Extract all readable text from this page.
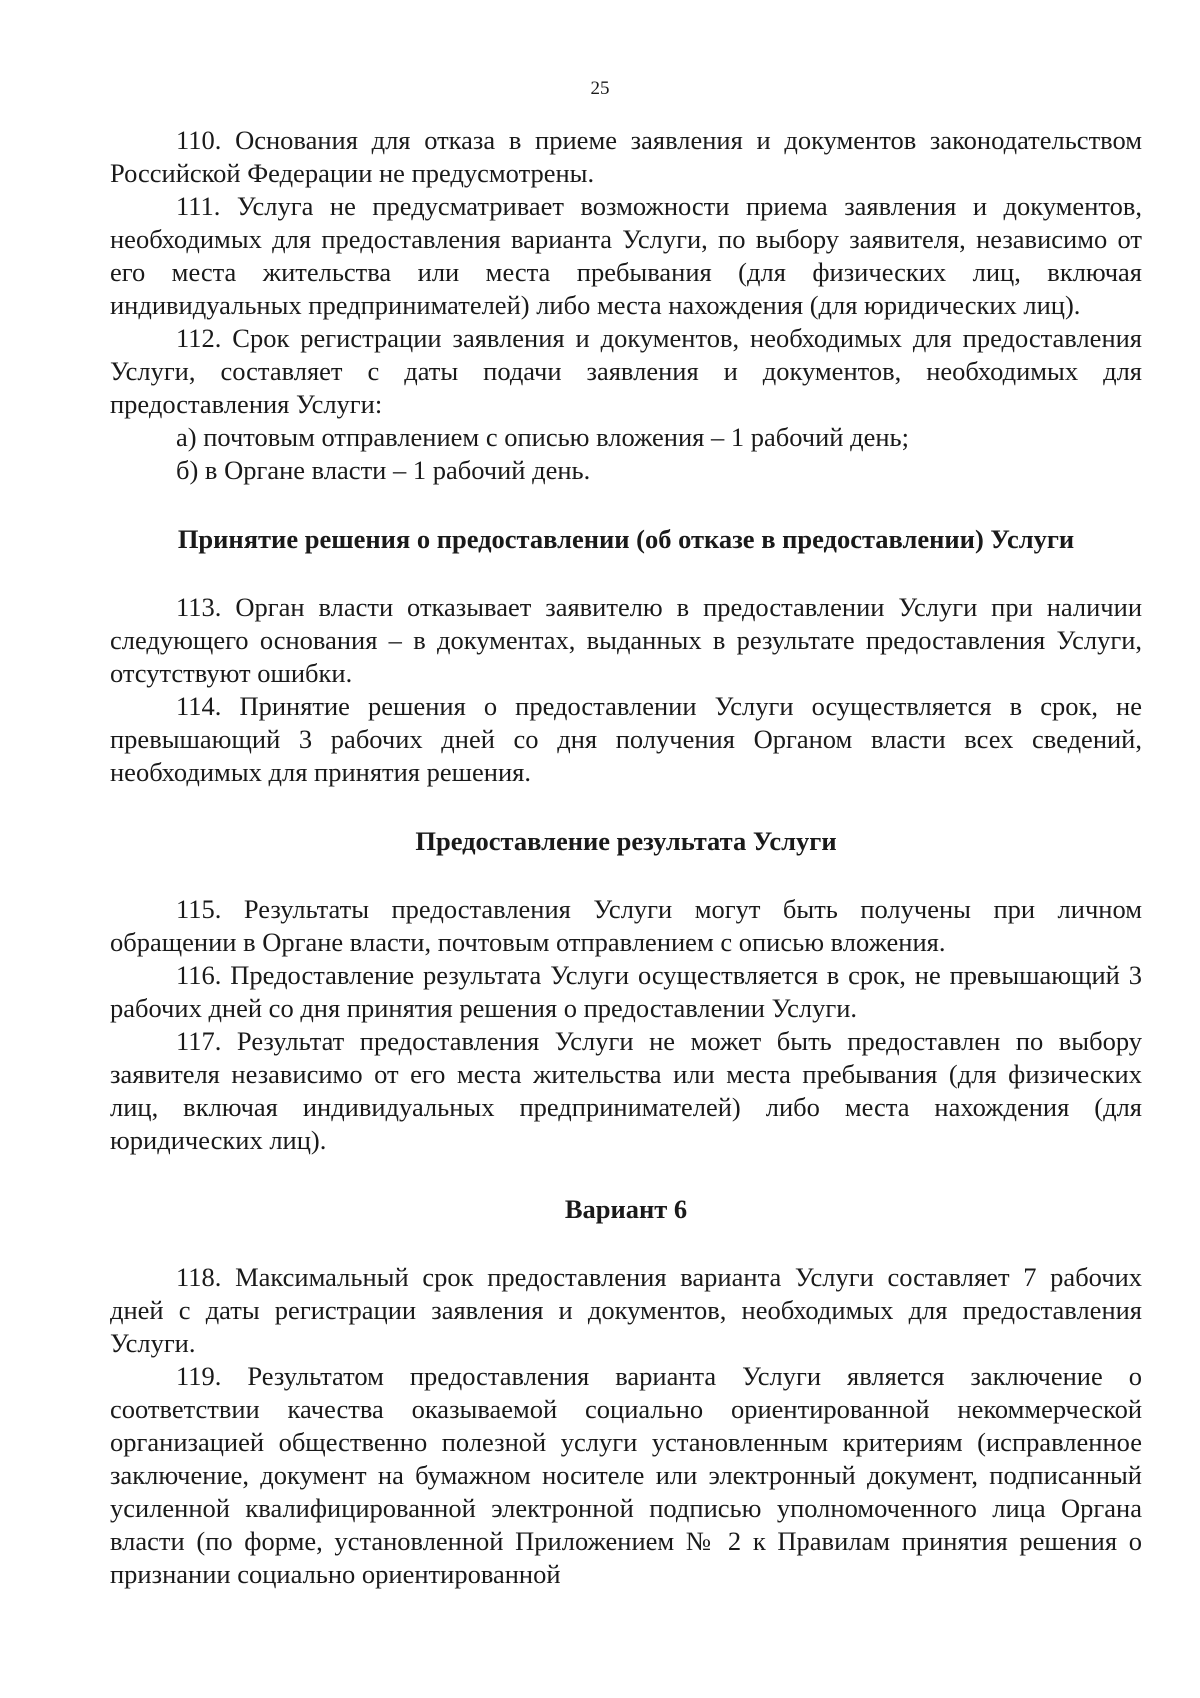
25

110. Основания для отказа в приеме заявления и документов законодательством Российской Федерации не предусмотрены.

111. Услуга не предусматривает возможности приема заявления и документов, необходимых для предоставления варианта Услуги, по выбору заявителя, независимо от его места жительства или места пребывания (для физических лиц, включая индивидуальных предпринимателей) либо места нахождения (для юридических лиц).

112. Срок регистрации заявления и документов, необходимых для предоставления Услуги, составляет с даты подачи заявления и документов, необходимых для предоставления Услуги:

а) почтовым отправлением с описью вложения – 1 рабочий день;

б) в Органе власти – 1 рабочий день.

Принятие решения о предоставлении (об отказе в предоставлении) Услуги

113. Орган власти отказывает заявителю в предоставлении Услуги при наличии следующего основания – в документах, выданных в результате предоставления Услуги, отсутствуют ошибки.

114. Принятие решения о предоставлении Услуги осуществляется в срок, не превышающий 3 рабочих дней со дня получения Органом власти всех сведений, необходимых для принятия решения.

Предоставление результата Услуги

115. Результаты предоставления Услуги могут быть получены при личном обращении в Органе власти, почтовым отправлением с описью вложения.

116. Предоставление результата Услуги осуществляется в срок, не превышающий 3 рабочих дней со дня принятия решения о предоставлении Услуги.

117. Результат предоставления Услуги не может быть предоставлен по выбору заявителя независимо от его места жительства или места пребывания (для физических лиц, включая индивидуальных предпринимателей) либо места нахождения (для юридических лиц).

Вариант 6

118. Максимальный срок предоставления варианта Услуги составляет 7 рабочих дней с даты регистрации заявления и документов, необходимых для предоставления Услуги.

119. Результатом предоставления варианта Услуги является заключение о соответствии качества оказываемой социально ориентированной некоммерческой организацией общественно полезной услуги установленным критериям (исправленное заключение, документ на бумажном носителе или электронный документ, подписанный усиленной квалифицированной электронной подписью уполномоченного лица Органа власти (по форме, установленной Приложением № 2 к Правилам принятия решения о признании социально ориентированной
